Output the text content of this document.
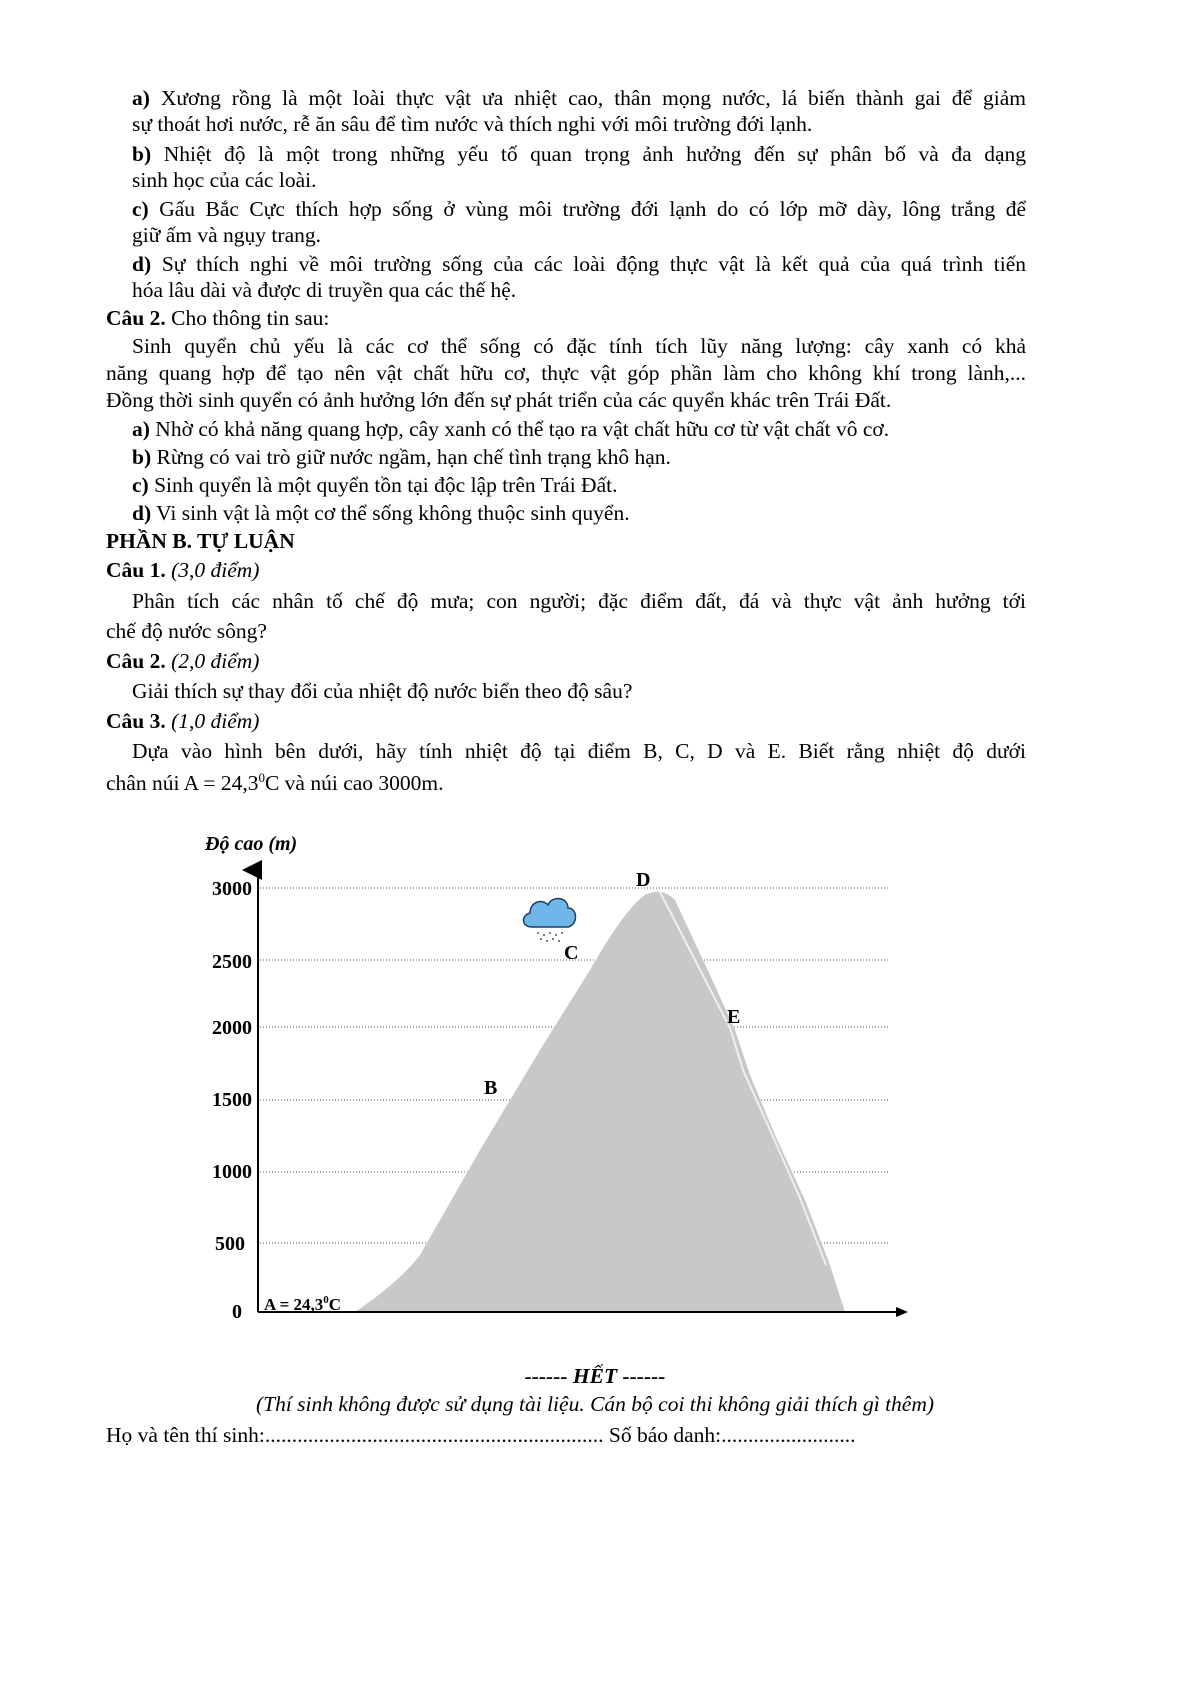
a) Xương rồng là một loài thực vật ưa nhiệt cao, thân mọng nước, lá biến thành gai để giảm
sự thoát hơi nước, rễ ăn sâu để tìm nước và thích nghi với môi trường đới lạnh.
b) Nhiệt độ là một trong những yếu tố quan trọng ảnh hưởng đến sự phân bố và đa dạng
sinh học của các loài.
c) Gấu Bắc Cực thích hợp sống ở vùng môi trường đới lạnh do có lớp mỡ dày, lông trắng để
giữ ấm và ngụy trang.
d) Sự thích nghi về môi trường sống của các loài động thực vật là kết quả của quá trình tiến
hóa lâu dài và được di truyền qua các thế hệ.
Câu 2. Cho thông tin sau:
Sinh quyển chủ yếu là các cơ thể sống có đặc tính tích lũy năng lượng: cây xanh có khả
năng quang hợp để tạo nên vật chất hữu cơ, thực vật góp phần làm cho không khí trong lành,...
Đồng thời sinh quyển có ảnh hưởng lớn đến sự phát triển của các quyển khác trên Trái Đất.
a) Nhờ có khả năng quang hợp, cây xanh có thể tạo ra vật chất hữu cơ từ vật chất vô cơ.
b) Rừng có vai trò giữ nước ngầm, hạn chế tình trạng khô hạn.
c) Sinh quyển là một quyển tồn tại độc lập trên Trái Đất.
d) Vi sinh vật là một cơ thể sống không thuộc sinh quyển.
PHẦN B. TỰ LUẬN
Câu 1. (3,0 điểm)
Phân tích các nhân tố chế độ mưa; con người; đặc điểm đất, đá và thực vật ảnh hưởng tới
chế độ nước sông?
Câu 2. (2,0 điểm)
Giải thích sự thay đổi của nhiệt độ nước biển theo độ sâu?
Câu 3. (1,0 điểm)
Dựa vào hình bên dưới, hãy tính nhiệt độ tại điểm B, C, D và E. Biết rằng nhiệt độ dưới
chân núi $A = 24,3^0C$ và núi cao 3000m.
Độ cao (m)
3000
2500
2000
1500
1000
500
0 $A = 24,3^0C$
B
C
D
E
------ HẾT ------
(Thí sinh không được sử dụng tài liệu. Cán bộ coi thi không giải thích gì thêm)
Họ và tên thí sinh:............................................................... Số báo danh:.........................
